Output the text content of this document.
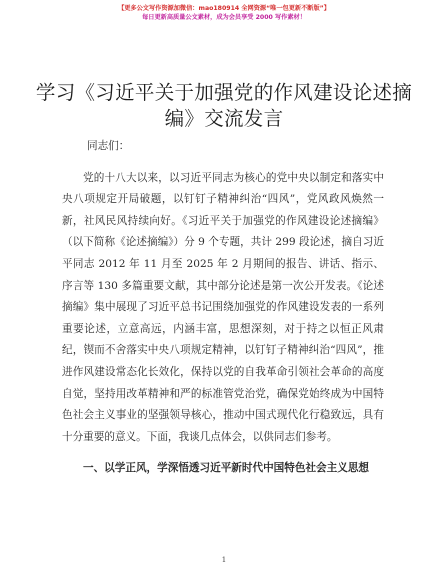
【更多公文写作资源加微信：mao180914 全网资源“唯一包更新不断版”】
每日更新高质量公文素材，成为会员享受 2000 写作素材！
学习《习近平关于加强党的作风建设论述摘
编》交流发言

同志们：

党的十八大以来，以习近平同志为核心的党中央以制定和落实中央八项规定开局破题，以钉钉子精神纠治“四风”，党风政风焕然一新，社风民风持续向好。《习近平关于加强党的作风建设论述摘编》（以下简称《论述摘编》）分 9 个专题，共计 299 段论述，摘自习近平同志 2012 年 11 月至 2025 年 2 月期间的报告、讲话、指示、序言等 130 多篇重要文献，其中部分论述是第一次公开发表。《论述摘编》集中展现了习近平总书记围绕加强党的作风建设发表的一系列重要论述，立意高远，内涵丰富，思想深刻，对于持之以恒正风肃纪，锲而不舍落实中央八项规定精神，以钉钉子精神纠治“四风”，推进作风建设常态化长效化，保持以党的自我革命引领社会革命的高度自觉，坚持用改革精神和严的标准管党治党，确保党始终成为中国特色社会主义事业的坚强领导核心，推动中国式现代化行稳致远，具有十分重要的意义。下面，我谈几点体会，以供同志们参考。

一、以学正风，学深悟透习近平新时代中国特色社会主义思想

1
